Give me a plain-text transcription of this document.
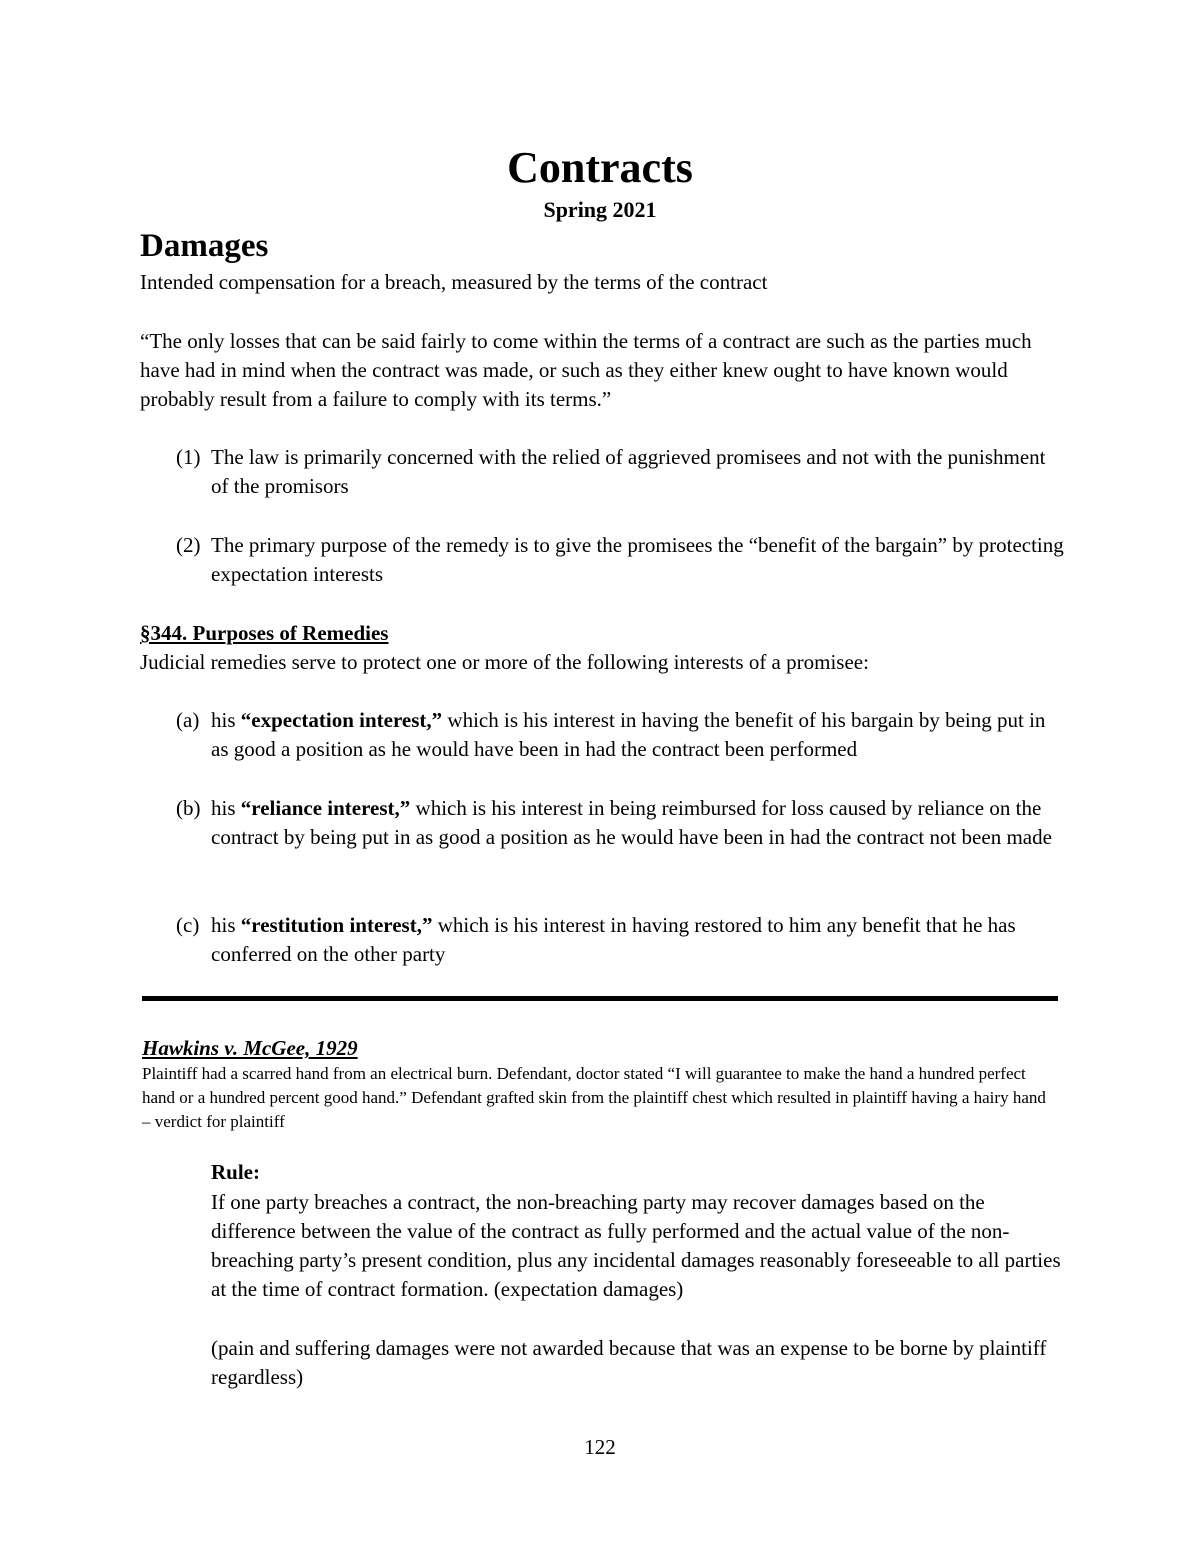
Contracts
Spring 2021
Damages

Intended compensation for a breach, measured by the terms of the contract

“The only losses that can be said fairly to come within the terms of a contract are such as the parties much have had in mind when the contract was made, or such as they either knew ought to have known would probably result from a failure to comply with its terms.”

(1) The law is primarily concerned with the relied of aggrieved promisees and not with the punishment of the promisors
(2) The primary purpose of the remedy is to give the promisees the “benefit of the bargain” by protecting expectation interests
§344. Purposes of Remedies

Judicial remedies serve to protect one or more of the following interests of a promisee:

(a) his “expectation interest,” which is his interest in having the benefit of his bargain by being put in as good a position as he would have been in had the contract been performed
(b) his “reliance interest,” which is his interest in being reimbursed for loss caused by reliance on the contract by being put in as good a position as he would have been in had the contract not been made
(c) his “restitution interest,” which is his interest in having restored to him any benefit that he has conferred on the other party
Hawkins v. McGee, 1929

Plaintiff had a scarred hand from an electrical burn. Defendant, doctor stated “I will guarantee to make the hand a hundred perfect hand or a hundred percent good hand.” Defendant grafted skin from the plaintiff chest which resulted in plaintiff having a hairy hand – verdict for plaintiff

Rule:

If one party breaches a contract, the non-breaching party may recover damages based on the difference between the value of the contract as fully performed and the actual value of the non-breaching party’s present condition, plus any incidental damages reasonably foreseeable to all parties at the time of contract formation. (expectation damages)

(pain and suffering damages were not awarded because that was an expense to be borne by plaintiff regardless)

122
